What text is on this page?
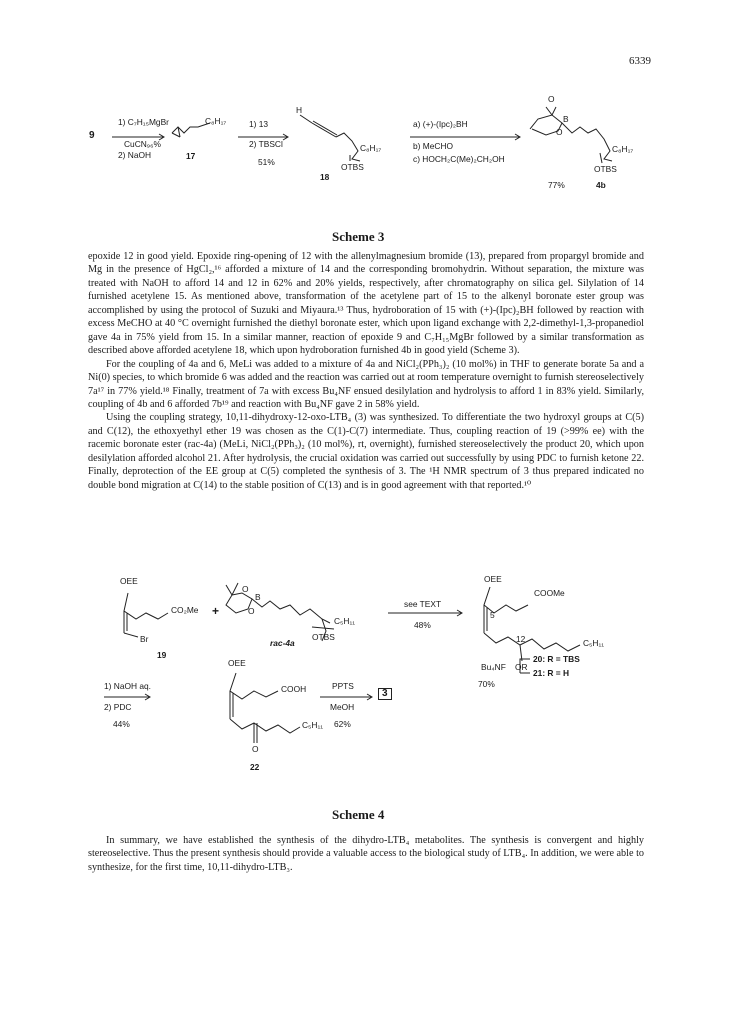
6339
9
1) C₇H₁₅MgBr
CuCN₉₆%
2) NaOH
C₈H₁₇
17
1) 13
2) TBSCl
51%
H
C₈H₁₇
OTBS
18
a) (+)-(Ipc)₂BH
b) MeCHO
c) HOCH₂C(Me)₂CH₂OH
O
B
O
C₈H₁₇
OTBS
77%	4b
Scheme 3

epoxide 12 in good yield. Epoxide ring-opening of 12 with the allenylmagnesium bromide (13), prepared from propargyl bromide and Mg in the presence of HgCl₂,¹⁶ afforded a mixture of 14 and the corresponding bromohydrin. Without separation, the mixture was treated with NaOH to afford 14 and 12 in 62% and 20% yields, respectively, after chromatography on silica gel. Silylation of 14 furnished acetylene 15. As mentioned above, transformation of the acetylene part of 15 to the alkenyl boronate ester group was accomplished by using the protocol of Suzuki and Miyaura.¹³ Thus, hydroboration of 15 with (+)-(Ipc)₂BH followed by reaction with excess MeCHO at 40 °C overnight furnished the diethyl boronate ester, which upon ligand exchange with 2,2-dimethyl-1,3-propanediol gave 4a in 75% yield from 15. In a similar manner, reaction of epoxide 9 and C₇H₁₅MgBr followed by a similar transformation as described above afforded acetylene 18, which upon hydroboration furnished 4b in good yield (Scheme 3).

For the coupling of 4a and 6, MeLi was added to a mixture of 4a and NiCl₂(PPh₃)₂ (10 mol%) in THF to generate borate 5a and a Ni(0) species, to which bromide 6 was added and the reaction was carried out at room temperature overnight to furnish stereoselectively 7a¹⁷ in 77% yield.¹⁸ Finally, treatment of 7a with excess Bu₄NF ensued desilylation and hydrolysis to afford 1 in 83% yield. Similarly, coupling of 4b and 6 afforded 7b¹⁹ and reaction with Bu₄NF gave 2 in 58% yield.

Using the coupling strategy, 10,11-dihydroxy-12-oxo-LTB₄ (3) was synthesized. To differentiate the two hydroxyl groups at C(5) and C(12), the ethoxyethyl ether 19 was chosen as the C(1)-C(7) intermediate. Thus, coupling reaction of 19 (>99% ee) with the racemic boronate ester (rac-4a) (MeLi, NiCl₂(PPh₃)₂ (10 mol%), rt, overnight), furnished stereoselectively the product 20, which upon desilylation afforded alcohol 21. After hydrolysis, the crucial oxidation was carried out successfully by using PDC to furnish ketone 22. Finally, deprotection of the EE group at C(5) completed the synthesis of 3. The ¹H NMR spectrum of 3 thus prepared indicated no double bond migration at C(14) to the stable position of C(13) and is in good agreement with that reported.¹⁰

OEE
CO₂Me
Br
19
+
O
B
O
C₅H₁₁
OTBS
rac-4a
see TEXT
48%
OEE
COOMe
5
12	C₅H₁₁
OR
Bu₄NF
20: R = TBS
21: R = H
70%
1) NaOH aq.
2) PDC
44%
OEE
COOH
C₅H₁₁
O
22
PPTS
MeOH
62%
3
Scheme 4

In summary, we have established the synthesis of the dihydro-LTB₄ metabolites. The synthesis is convergent and highly stereoselective. Thus the present synthesis should provide a valuable access to the biological study of LTB₄. In addition, we were able to synthesize, for the first time, 10,11-dihydro-LTB₃.
